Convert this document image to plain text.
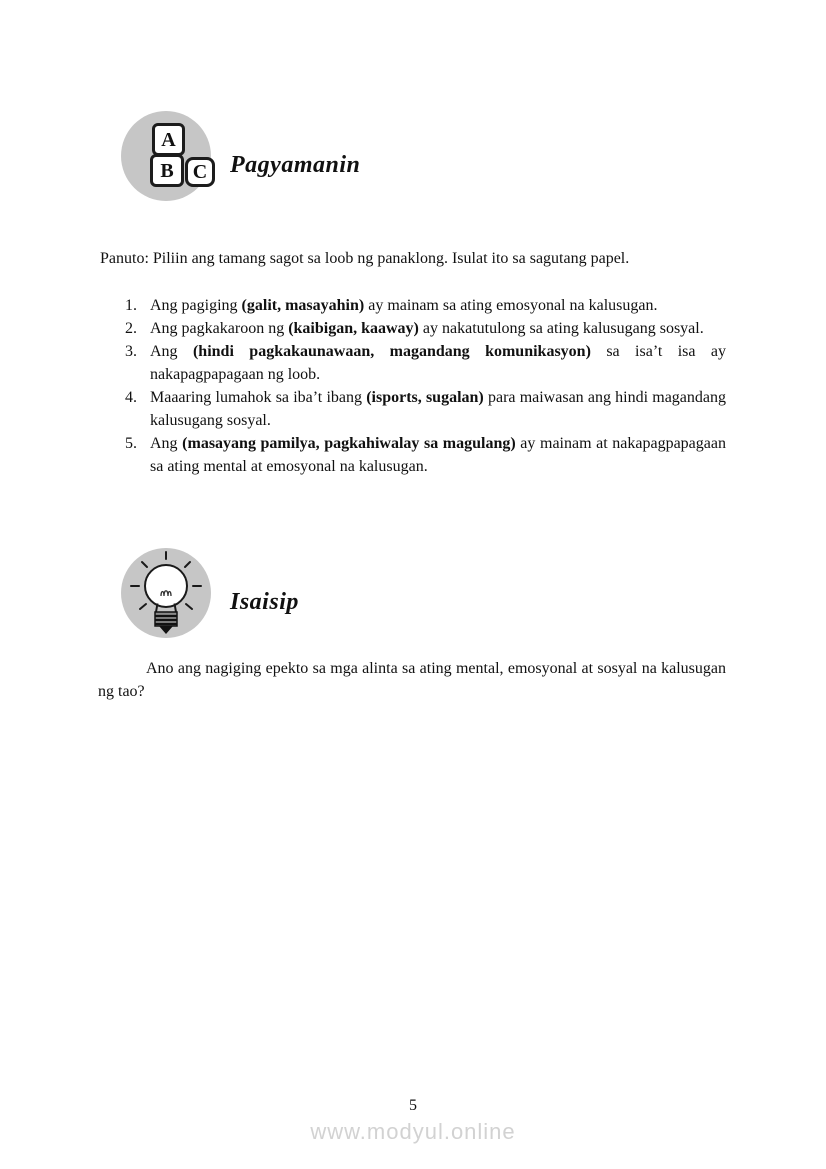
A
B C Pagyamanin

Panuto: Piliin ang tamang sagot sa loob ng panaklong. Isulat ito sa sagutang papel.

1. Ang pagiging (galit, masayahin) ay mainam sa ating emosyonal na kalusugan.
2. Ang pagkakaroon ng (kaibigan, kaaway) ay nakatutulong sa ating kalusugang sosyal.
3. Ang (hindi pagkakaunawaan, magandang komunikasyon) sa isa’t isa ay nakapagpapagaan ng loob.
4. Maaaring lumahok sa iba’t ibang (isports, sugalan) para maiwasan ang hindi magandang kalusugang sosyal.
5. Ang (masayang pamilya, pagkahiwalay sa magulang) ay mainam at nakapagpapagaan sa ating mental at emosyonal na kalusugan.
Isaisip

Ano ang nagiging epekto sa mga alinta sa ating mental, emosyonal at sosyal na kalusugan ng tao?

5
www.modyul.online
